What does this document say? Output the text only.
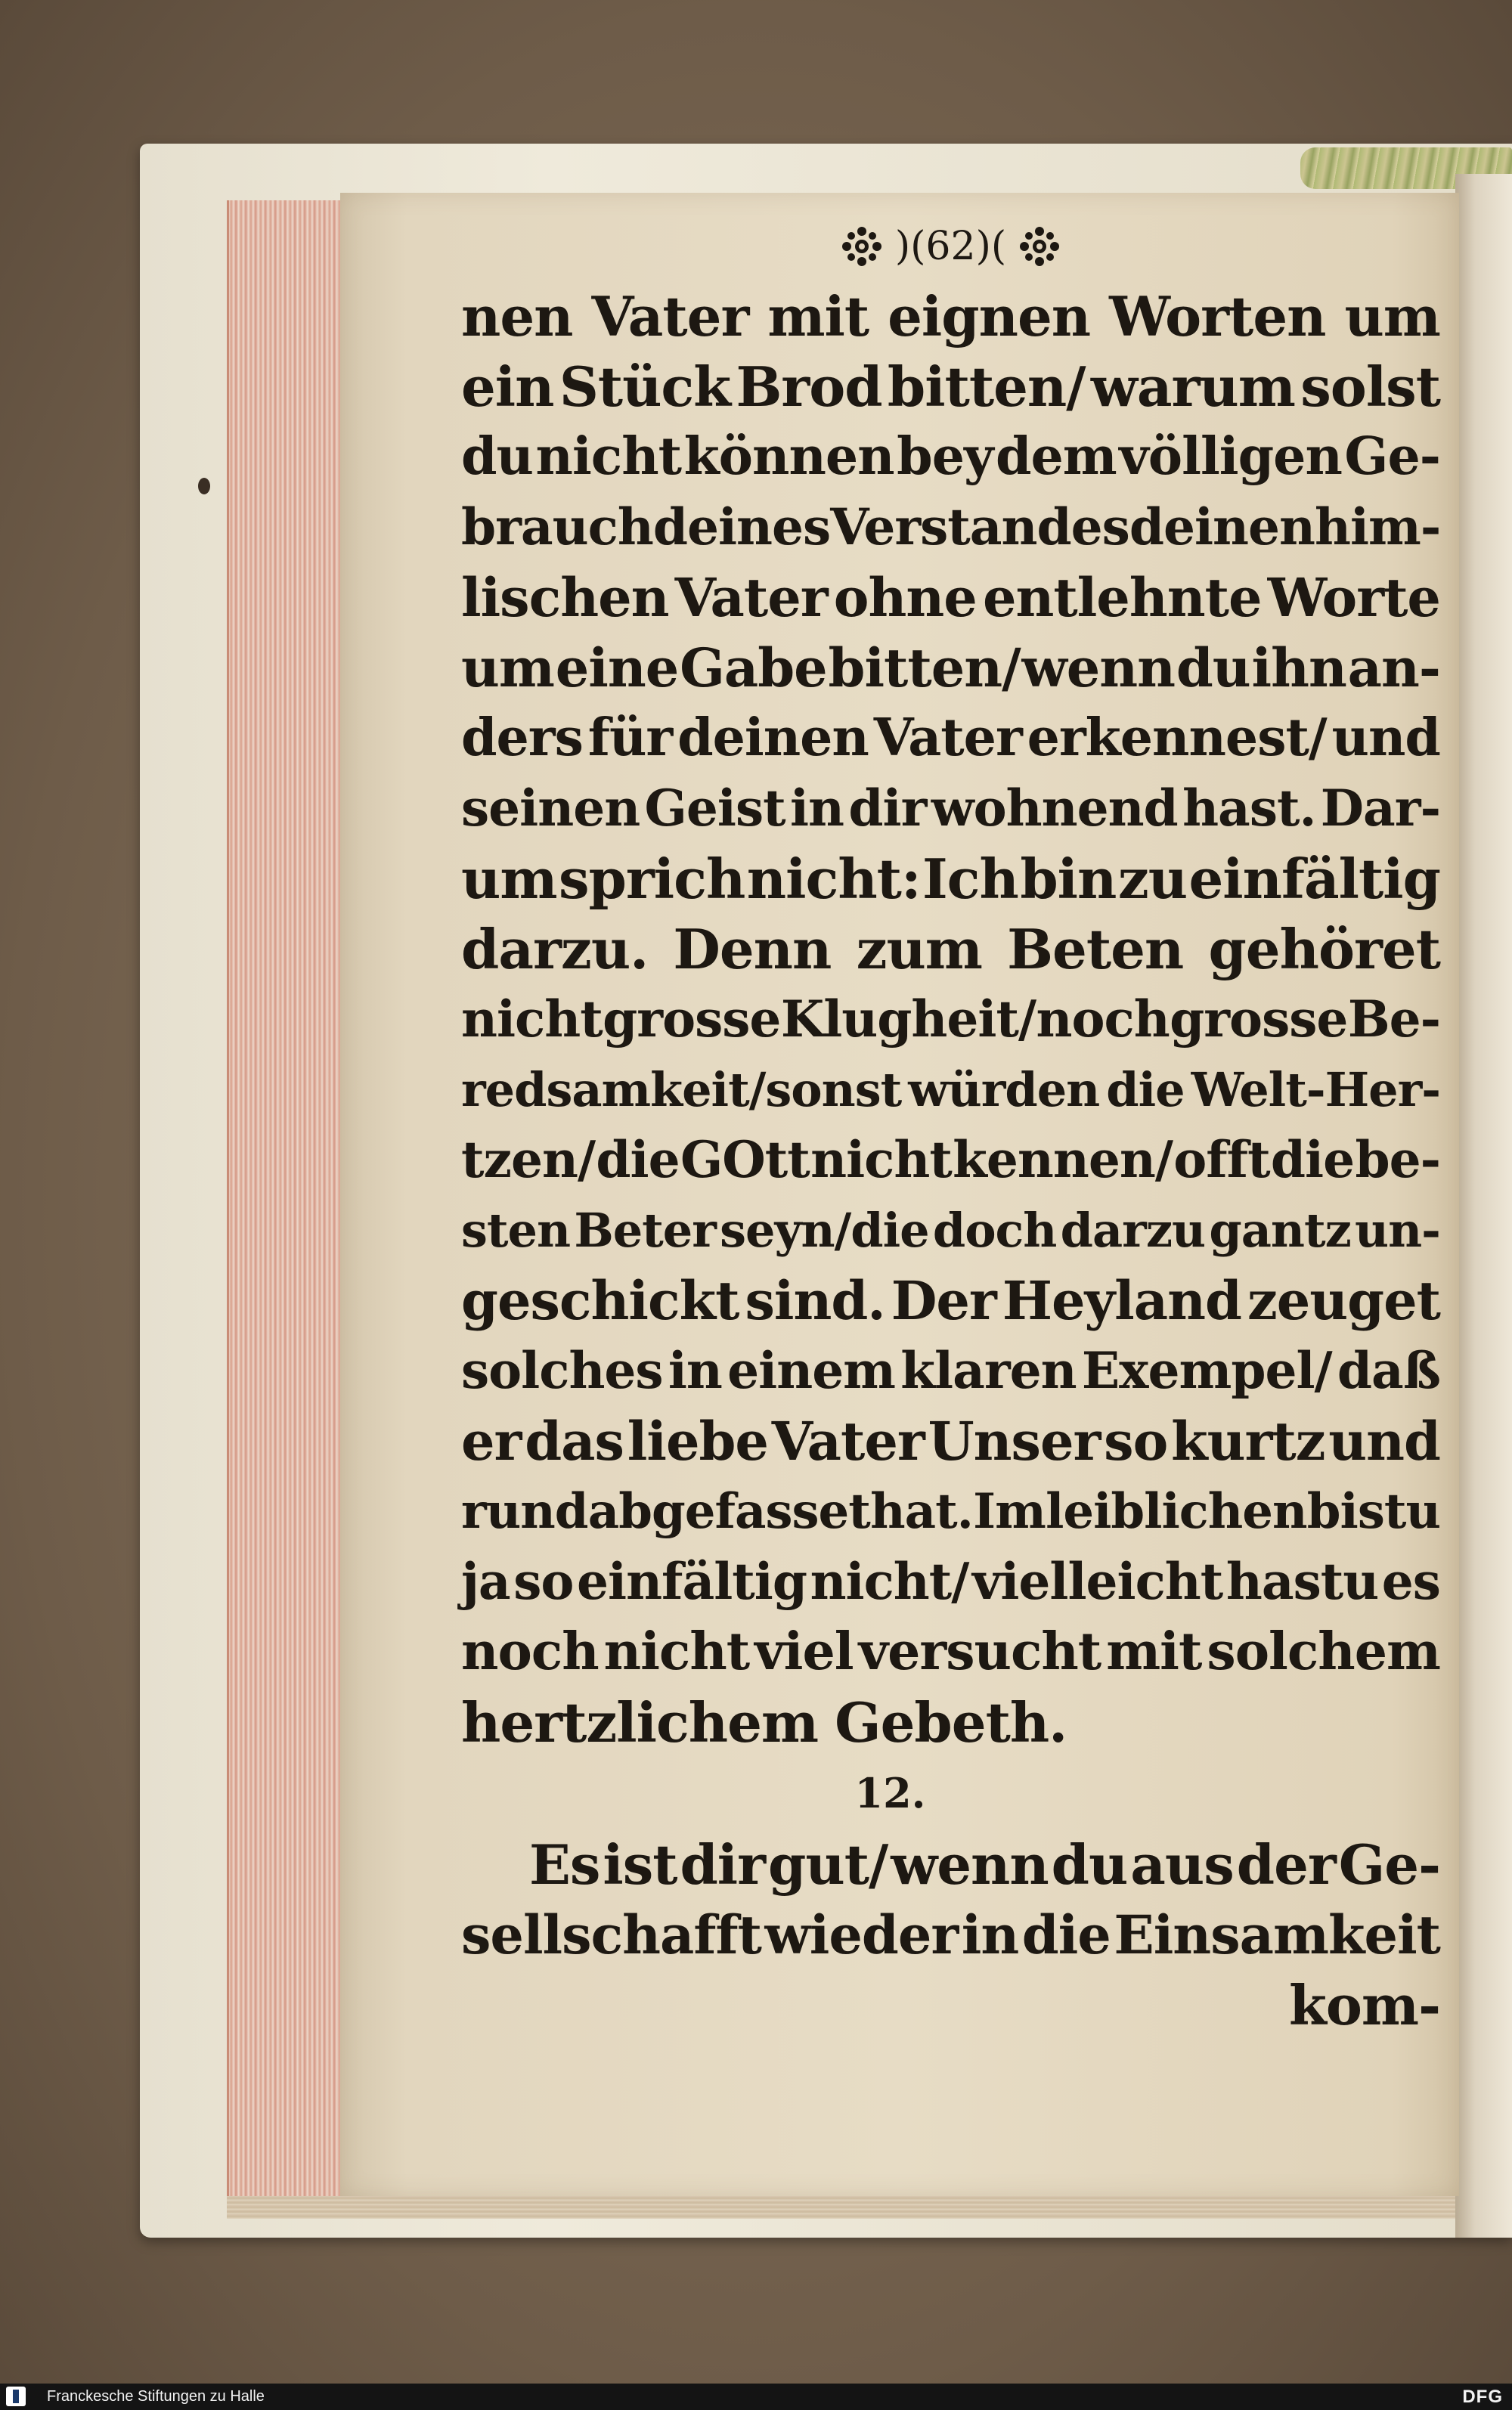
)(62)(
nen Vater mit eignen Worten um
ein Stück Brod bitten/ warum solst
du nicht können bey dem völligen Ge-
brauch deines Verstandes deinen him-
lischen Vater ohne entlehnte Worte
um eine Gabe bitten/ wenn du ihn an-
ders für deinen Vater erkennest/ und
seinen Geist in dir wohnend hast. Dar-
um sprich nicht: Ich bin zu einfältig
darzu. Denn zum Beten gehöret
nicht grosse Klugheit/ noch grosse Be-
redsamkeit/sonst würden die Welt-Her-
tzen/ die GOtt nicht kennen/ offt die be-
sten Beter seyn/die doch darzu gantz un-
geschickt sind. Der Heyland zeuget
solches in einem klaren Exempel/ daß
er das liebe Vater Unser so kurtz und
rund abgefasset hat. Im leiblichen bistu
ja so einfältig nicht/ vielleicht hastu es
noch nicht viel versucht mit solchem
hertzlichem Gebeth.
12.
Es ist dir gut/ wenn du aus der Ge-
sellschafft wieder in die Einsamkeit
kom-
Franckesche Stiftungen zu Halle	DFG
